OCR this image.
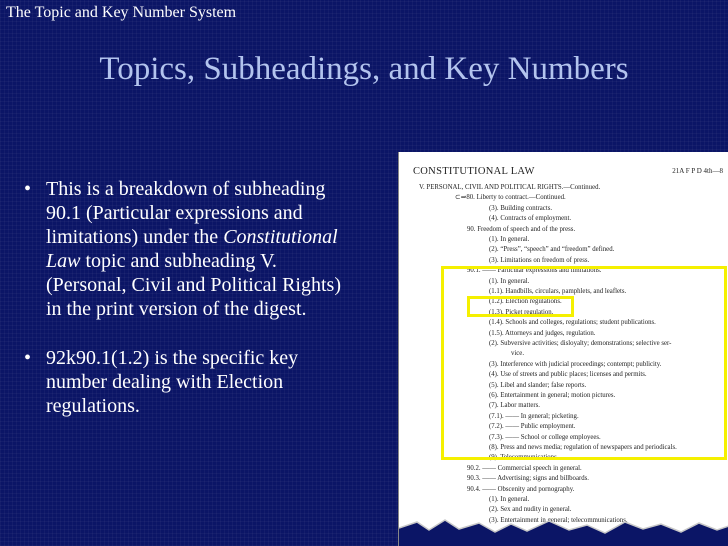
The Topic and Key Number System
Topics, Subheadings, and Key Numbers
• This is a breakdown of subheading 90.1 (Particular expressions and limitations) under the Constitutional Law topic and subheading V. (Personal, Civil and Political Rights) in the print version of the digest.
• 92k90.1(1.2) is the specific key number dealing with Election regulations.
CONSTITUTIONAL LAW	21A F P D 4th—8
V. PERSONAL, CIVIL AND POLITICAL RIGHTS.—Continued.
⊂⇒80. Liberty to contract.—Continued.
(3). Building contracts.
(4). Contracts of employment.
90. Freedom of speech and of the press.
(1). In general.
(2). “Press”, “speech” and “freedom” defined.
(3). Limitations on freedom of press.
90.1. —— Particular expressions and limitations.
(1). In general.
(1.1). Handbills, circulars, pamphlets, and leaflets.
(1.2). Election regulations.
(1.3). Picket regulation.
(1.4). Schools and colleges, regulations; student publications.
(1.5). Attorneys and judges, regulation.
(2). Subversive activities; disloyalty; demonstrations; selective ser-
vice.
(3). Interference with judicial proceedings; contempt; publicity.
(4). Use of streets and public places; licenses and permits.
(5). Libel and slander; false reports.
(6). Entertainment in general; motion pictures.
(7). Labor matters.
(7.1). —— In general; picketing.
(7.2). —— Public employment.
(7.3). —— School or college employees.
(8). Press and news media; regulation of newspapers and periodicals.
(9). Telecommunications.
90.2. —— Commercial speech in general.
90.3. —— Advertising; signs and billboards.
90.4. —— Obscenity and pornography.
(1). In general.
(2). Sex and nudity in general.
(3). Entertainment in general; telecommunications.
